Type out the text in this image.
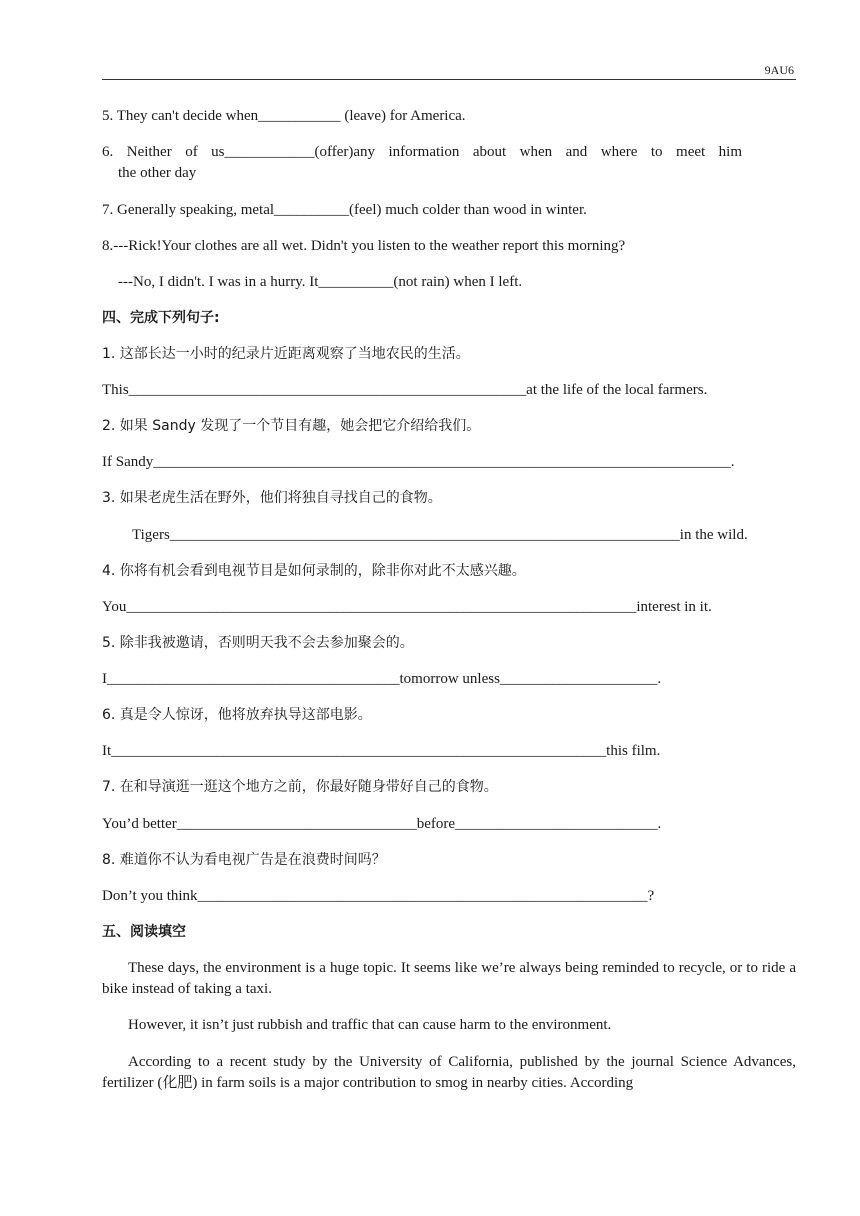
9AU6
5. They can't decide when___________ (leave) for America.
6. Neither of us____________(offer)any information about when and where to meet him
the other day
7. Generally speaking, metal__________(feel) much colder than wood in winter.
8.---Rick!Your clothes are all wet. Didn't you listen to the weather report this morning?
---No, I didn't. I was in a hurry. It__________(not rain) when I left.
四、完成下列句子:
1. 这部长达一小时的纪录片近距离观察了当地农民的生活。
This_____________________________________________________at the life of the local farmers.
2. 如果 Sandy 发现了一个节目有趣，她会把它介绍给我们。
If Sandy_____________________________________________________________________________.
3. 如果老虎生活在野外，他们将独自寻找自己的食物。
Tigers____________________________________________________________________in the wild.
4. 你将有机会看到电视节目是如何录制的，除非你对此不太感兴趣。
You____________________________________________________________________interest in it.
5. 除非我被邀请，否则明天我不会去参加聚会的。
I_______________________________________tomorrow unless_____________________.
6. 真是令人惊讶，他将放弃执导这部电影。
It__________________________________________________________________this film.
7. 在和导演逛一逛这个地方之前，你最好随身带好自己的食物。
You’d better________________________________before___________________________.
8. 难道你不认为看电视广告是在浪费时间吗？
Don’t you think____________________________________________________________?
五、阅读填空
These days, the environment is a huge topic. It seems like we’re always being reminded to recycle, or to ride a bike instead of taking a taxi.
However, it isn’t just rubbish and traffic that can cause harm to the environment.
According to a recent study by the University of California, published by the journal Science Advances, fertilizer (化肥) in farm soils is a major contribution to smog in nearby cities. According
